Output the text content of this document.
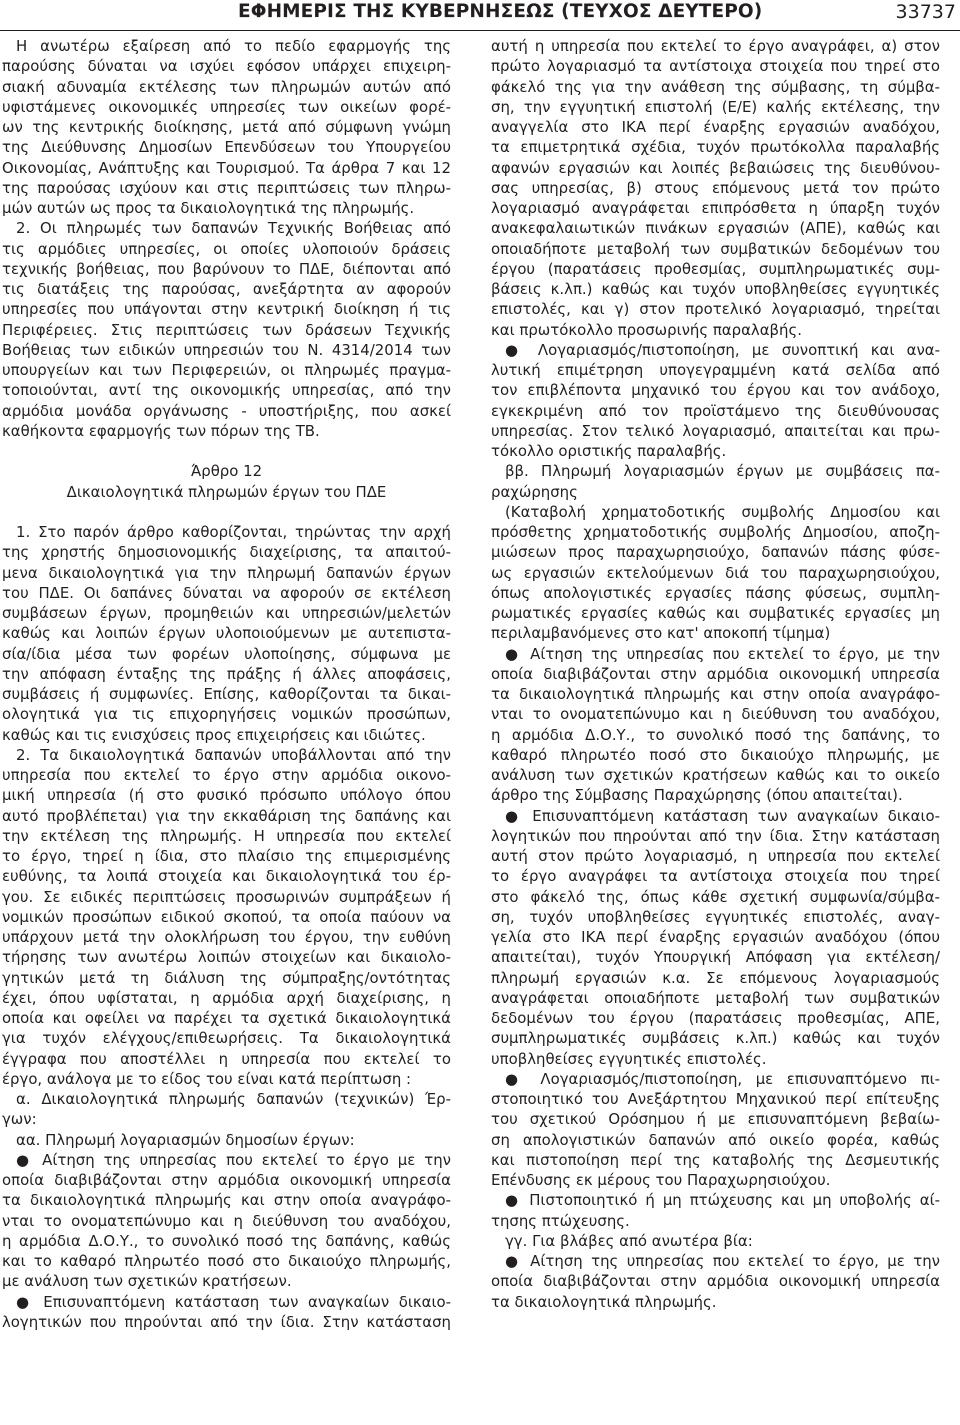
ΕΦΗΜΕΡΙΣ ΤΗΣ ΚΥΒΕΡΝΗΣΕΩΣ (ΤΕΥΧΟΣ ΔΕΥΤΕΡΟ)	33737
Η ανωτέρω εξαίρεση από το πεδίο εφαρμογής της
παρούσης δύναται να ισχύει εφόσον υπάρχει επιχειρη-
σιακή αδυναμία εκτέλεσης των πληρωμών αυτών από
υφιστάμενες οικονομικές υπηρεσίες των οικείων φορέ-
ων της κεντρικής διοίκησης, μετά από σύμφωνη γνώμη
της Διεύθυνσης Δημοσίων Επενδύσεων του Υπουργείου
Οικονομίας, Ανάπτυξης και Τουρισμού. Τα άρθρα 7 και 12
της παρούσας ισχύουν και στις περιπτώσεις των πληρω-
μών αυτών ως προς τα δικαιολογητικά της πληρωμής.
2. Οι πληρωμές των δαπανών Τεχνικής Βοήθειας από
τις αρμόδιες υπηρεσίες, οι οποίες υλοποιούν δράσεις
τεχνικής βοήθειας, που βαρύνουν το ΠΔΕ, διέπονται από
τις διατάξεις της παρούσας, ανεξάρτητα αν αφορούν
υπηρεσίες που υπάγονται στην κεντρική διοίκηση ή τις
Περιφέρειες. Στις περιπτώσεις των δράσεων Τεχνικής
Βοήθειας των ειδικών υπηρεσιών του Ν. 4314/2014 των
υπουργείων και των Περιφερειών, οι πληρωμές πραγμα-
τοποιούνται, αντί της οικονομικής υπηρεσίας, από την
αρμόδια μονάδα οργάνωσης - υποστήριξης, που ασκεί
καθήκοντα εφαρμογής των πόρων της ΤΒ.

Άρθρο 12
Δικαιολογητικά πληρωμών έργων του ΠΔΕ

1. Στο παρόν άρθρο καθορίζονται, τηρώντας την αρχή
της χρηστής δημοσιονομικής διαχείρισης, τα απαιτού-
μενα δικαιολογητικά για την πληρωμή δαπανών έργων
του ΠΔΕ. Οι δαπάνες δύναται να αφορούν σε εκτέλεση
συμβάσεων έργων, προμηθειών και υπηρεσιών/μελετών
καθώς και λοιπών έργων υλοποιούμενων με αυτεπιστα-
σία/ίδια μέσα των φορέων υλοποίησης, σύμφωνα με
την απόφαση ένταξης της πράξης ή άλλες αποφάσεις,
συμβάσεις ή συμφωνίες. Επίσης, καθορίζονται τα δικαι-
ολογητικά για τις επιχορηγήσεις νομικών προσώπων,
καθώς και τις ενισχύσεις προς επιχειρήσεις και ιδιώτες.
2. Τα δικαιολογητικά δαπανών υποβάλλονται από την
υπηρεσία που εκτελεί το έργο στην αρμόδια οικονο-
μική υπηρεσία (ή στο φυσικό πρόσωπο υπόλογο όπου
αυτό προβλέπεται) για την εκκαθάριση της δαπάνης και
την εκτέλεση της πληρωμής. Η υπηρεσία που εκτελεί
το έργο, τηρεί η ίδια, στο πλαίσιο της επιμερισμένης
ευθύνης, τα λοιπά στοιχεία και δικαιολογητικά του έρ-
γου. Σε ειδικές περιπτώσεις προσωρινών συμπράξεων ή
νομικών προσώπων ειδικού σκοπού, τα οποία παύουν να
υπάρχουν μετά την ολοκλήρωση του έργου, την ευθύνη
τήρησης των ανωτέρω λοιπών στοιχείων και δικαιολο-
γητικών μετά τη διάλυση της σύμπραξης/οντότητας
έχει, όπου υφίσταται, η αρμόδια αρχή διαχείρισης, η
οποία και οφείλει να παρέχει τα σχετικά δικαιολογητικά
για τυχόν ελέγχους/επιθεωρήσεις. Τα δικαιολογητικά
έγγραφα που αποστέλλει η υπηρεσία που εκτελεί το
έργο, ανάλογα με το είδος του είναι κατά περίπτωση :
α. Δικαιολογητικά πληρωμής δαπανών (τεχνικών) Έρ-
γων:
αα. Πληρωμή λογαριασμών δημοσίων έργων:
● Αίτηση της υπηρεσίας που εκτελεί το έργο με την
οποία διαβιβάζονται στην αρμόδια οικονομική υπηρεσία
τα δικαιολογητικά πληρωμής και στην οποία αναγράφο-
νται το ονοματεπώνυμο και η διεύθυνση του αναδόχου,
η αρμόδια Δ.Ο.Υ., το συνολικό ποσό της δαπάνης, καθώς
και το καθαρό πληρωτέο ποσό στο δικαιούχο πληρωμής,
με ανάλυση των σχετικών κρατήσεων.
● Επισυναπτόμενη κατάσταση των αναγκαίων δικαιο-
λογητικών που πηρούνται από την ίδια. Στην κατάσταση
αυτή η υπηρεσία που εκτελεί το έργο αναγράφει, α) στον
πρώτο λογαριασμό τα αντίστοιχα στοιχεία που τηρεί στο
φάκελό της για την ανάθεση της σύμβασης, τη σύμβα-
ση, την εγγυητική επιστολή (Ε/Ε) καλής εκτέλεσης, την
αναγγελία στο ΙΚΑ περί έναρξης εργασιών αναδόχου,
τα επιμετρητικά σχέδια, τυχόν πρωτόκολλα παραλαβής
αφανών εργασιών και λοιπές βεβαιώσεις της διευθύνου-
σας υπηρεσίας, β) στους επόμενους μετά τον πρώτο
λογαριασμό αναγράφεται επιπρόσθετα η ύπαρξη τυχόν
ανακεφαλαιωτικών πινάκων εργασιών (ΑΠΕ), καθώς και
οποιαδήποτε μεταβολή των συμβατικών δεδομένων του
έργου (παρατάσεις προθεσμίας, συμπληρωματικές συμ-
βάσεις κ.λπ.) καθώς και τυχόν υποβληθείσες εγγυητικές
επιστολές, και γ) στον προτελικό λογαριασμό, τηρείται
και πρωτόκολλο προσωρινής παραλαβής.
● Λογαριασμός/πιστοποίηση, με συνοπτική και ανα-
λυτική επιμέτρηση υπογεγραμμένη κατά σελίδα από
τον επιβλέποντα μηχανικό του έργου και τον ανάδοχο,
εγκεκριμένη από τον προϊστάμενο της διευθύνουσας
υπηρεσίας. Στον τελικό λογαριασμό, απαιτείται και πρω-
τόκολλο οριστικής παραλαβής.
ββ. Πληρωμή λογαριασμών έργων με συμβάσεις πα-
ραχώρησης
(Καταβολή χρηματοδοτικής συμβολής Δημοσίου και
πρόσθετης χρηματοδοτικής συμβολής Δημοσίου, αποζη-
μιώσεων προς παραχωρησιούχο, δαπανών πάσης φύσε-
ως εργασιών εκτελούμενων διά του παραχωρησιούχου,
όπως απολογιστικές εργασίες πάσης φύσεως, συμπλη-
ρωματικές εργασίες καθώς και συμβατικές εργασίες μη
περιλαμβανόμενες στο κατ' αποκοπή τίμημα)
● Αίτηση της υπηρεσίας που εκτελεί το έργο, με την
οποία διαβιβάζονται στην αρμόδια οικονομική υπηρεσία
τα δικαιολογητικά πληρωμής και στην οποία αναγράφο-
νται το ονοματεπώνυμο και η διεύθυνση του αναδόχου,
η αρμόδια Δ.Ο.Υ., το συνολικό ποσό της δαπάνης, το
καθαρό πληρωτέο ποσό στο δικαιούχο πληρωμής, με
ανάλυση των σχετικών κρατήσεων καθώς και το οικείο
άρθρο της Σύμβασης Παραχώρησης (όπου απαιτείται).
● Επισυναπτόμενη κατάσταση των αναγκαίων δικαιο-
λογητικών που πηρούνται από την ίδια. Στην κατάσταση
αυτή στον πρώτο λογαριασμό, η υπηρεσία που εκτελεί
το έργο αναγράφει τα αντίστοιχα στοιχεία που τηρεί
στο φάκελό της, όπως κάθε σχετική συμφωνία/σύμβα-
ση, τυχόν υποβληθείσες εγγυητικές επιστολές, αναγ-
γελία στο ΙΚΑ περί έναρξης εργασιών αναδόχου (όπου
απαιτείται), τυχόν Υπουργική Απόφαση για εκτέλεση/
πληρωμή εργασιών κ.α. Σε επόμενους λογαριασμούς
αναγράφεται οποιαδήποτε μεταβολή των συμβατικών
δεδομένων του έργου (παρατάσεις προθεσμίας, ΑΠΕ,
συμπληρωματικές συμβάσεις κ.λπ.) καθώς και τυχόν
υποβληθείσες εγγυητικές επιστολές.
● Λογαριασμός/πιστοποίηση, με επισυναπτόμενο πι-
στοποιητικό του Ανεξάρτητου Μηχανικού περί επίτευξης
του σχετικού Ορόσημου ή με επισυναπτόμενη βεβαίω-
ση απολογιστικών δαπανών από οικείο φορέα, καθώς
και πιστοποίηση περί της καταβολής της Δεσμευτικής
Επένδυσης εκ μέρους του Παραχωρησιούχου.
● Πιστοποιητικό ή μη πτώχευσης και μη υποβολής αί-
τησης πτώχευσης.
γγ. Για βλάβες από ανωτέρα βία:
● Αίτηση της υπηρεσίας που εκτελεί το έργο, με την
οποία διαβιβάζονται στην αρμόδια οικονομική υπηρεσία
τα δικαιολογητικά πληρωμής.
